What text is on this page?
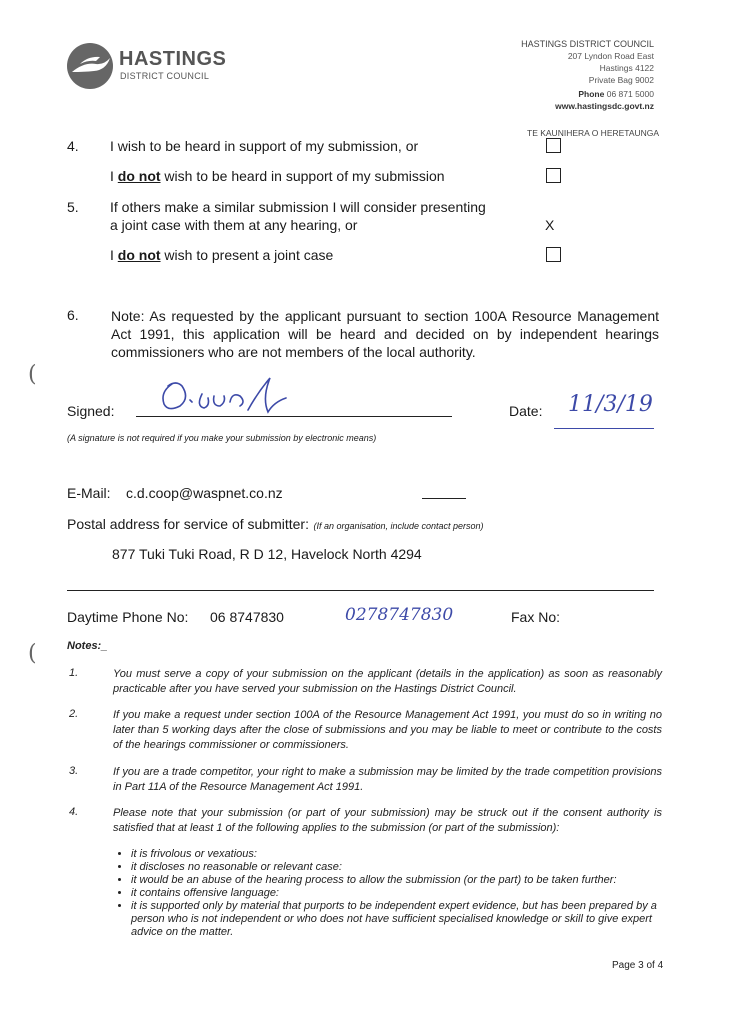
HASTINGS
DISTRICT COUNCIL
HASTINGS DISTRICT COUNCIL
207 Lyndon Road East
Hastings 4122
Private Bag 9002
Phone 06 871 5000
www.hastingsdc.govt.nz
TE KAUNIHERA O HERETAUNGA
4. I wish to be heard in support of my submission, or
I do not wish to be heard in support of my submission
5. If others make a similar submission I will consider presenting
a joint case with them at any hearing, or	X
I do not wish to present a joint case
6. Note: As requested by the applicant pursuant to section 100A Resource Management Act 1991, this application will be heard and decided on by independent hearings commissioners who are not members of the local authority.
Signed:	Date: 11/3/19
(A signature is not required if you make your submission by electronic means)
E-Mail: c.d.coop@waspnet.co.nz
Postal address for service of submitter: (If an organisation, include contact person)
877 Tuki Tuki Road, R D 12, Havelock North 4294
Daytime Phone No: 06 8747830	0278747830	Fax No:
Notes:_
1.	You must serve a copy of your submission on the applicant (details in the application) as soon as reasonably practicable after you have served your submission on the Hastings District Council.
2.	If you make a request under section 100A of the Resource Management Act 1991, you must do so in writing no later than 5 working days after the close of submissions and you may be liable to meet or contribute to the costs of the hearings commissioner or commissioners.
3.	If you are a trade competitor, your right to make a submission may be limited by the trade competition provisions in Part 11A of the Resource Management Act 1991.
4.	Please note that your submission (or part of your submission) may be struck out if the consent authority is satisfied that at least 1 of the following applies to the submission (or part of the submission):
• it is frivolous or vexatious:
• it discloses no reasonable or relevant case:
• it would be an abuse of the hearing process to allow the submission (or the part) to be taken further:
• it contains offensive language:
• it is supported only by material that purports to be independent expert evidence, but has been prepared by a person who is not independent or who does not have sufficient specialised knowledge or skill to give expert advice on the matter.
Page 3 of 4
(
(
